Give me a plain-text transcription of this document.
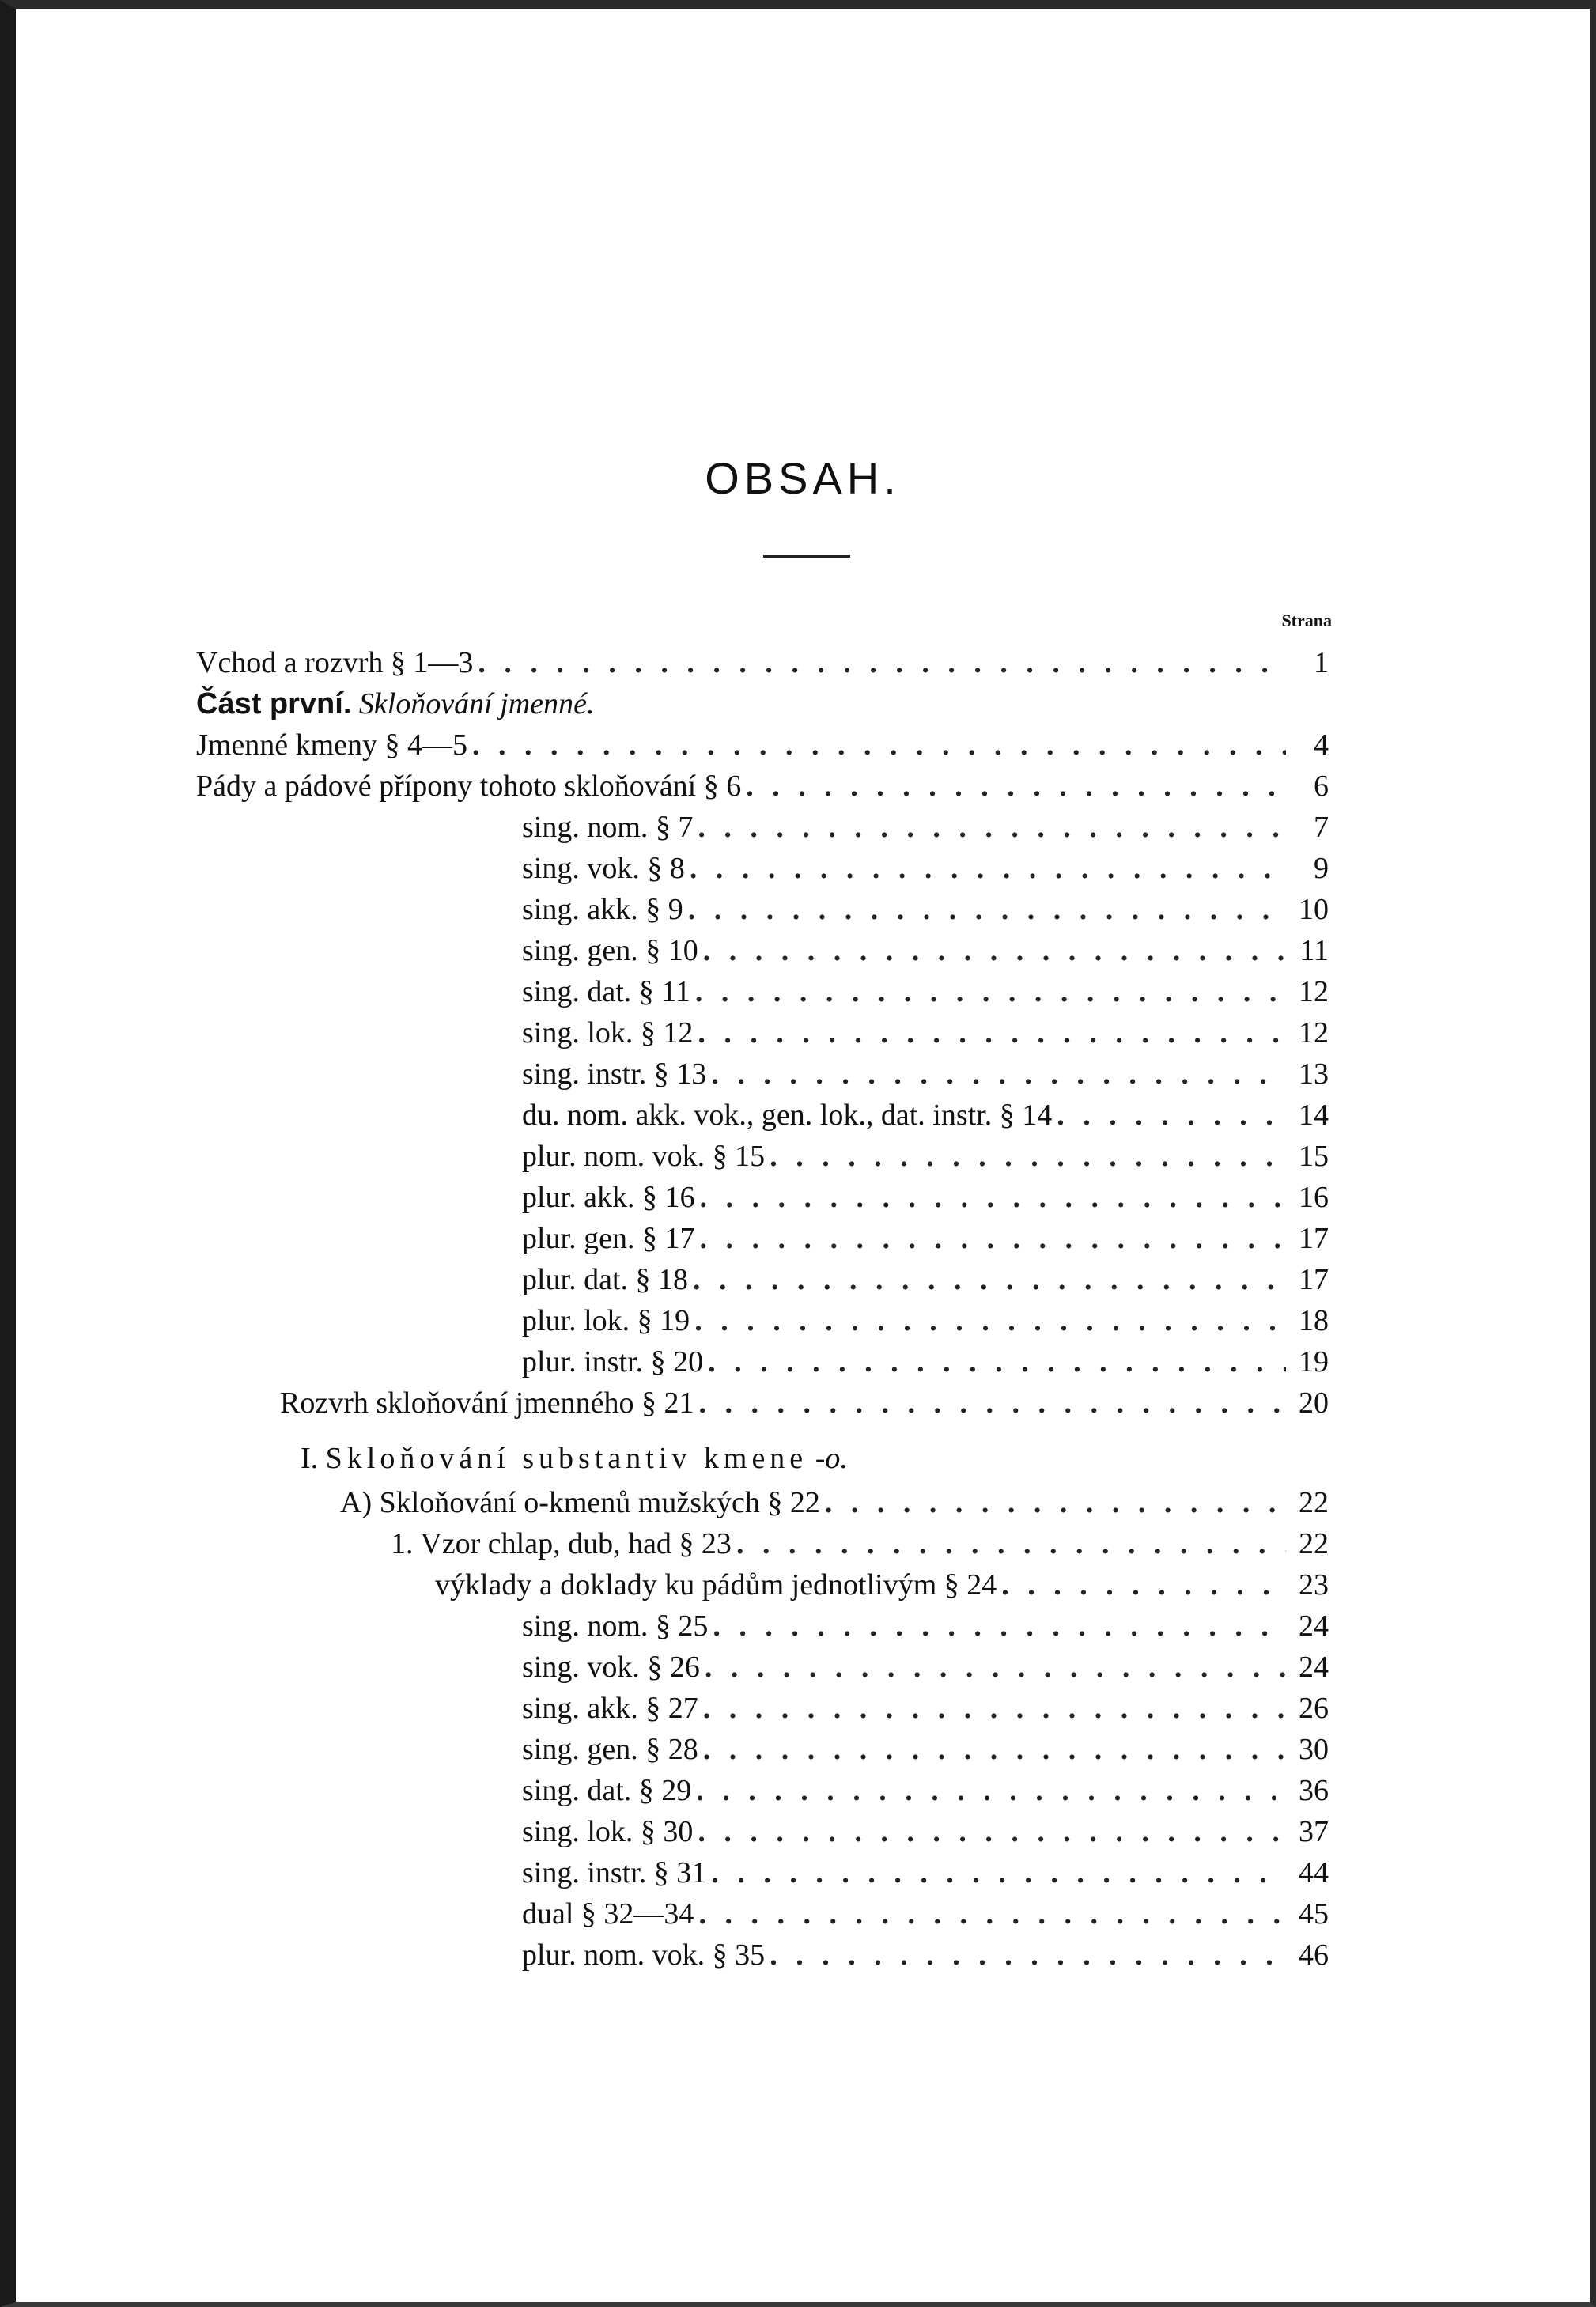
OBSAH.
Strana
Vchod a rozvrh § 1—3 . . .	1
Část první. Skloňování jmenné.
Jmenné kmeny § 4—5 . . .	4
Pády a pádové přípony tohoto skloňování § 6 . . .	6
sing. nom. § 7 . . .	7
sing. vok. § 8 . . .	9
sing. akk. § 9 . . .	10
sing. gen. § 10 . . .	11
sing. dat. § 11 . . .	12
sing. lok. § 12 . . .	12
sing. instr. § 13 . . .	13
du. nom. akk. vok., gen. lok., dat. instr. § 14 . . .	14
plur. nom. vok. § 15 . . .	15
plur. akk. § 16 . . .	16
plur. gen. § 17 . . .	17
plur. dat. § 18 . . .	17
plur. lok. § 19 . . .	18
plur. instr. § 20 . . .	19
Rozvrh skloňování jmenného § 21 . . .	20
I. Skloňování substantiv kmene -o.
A) Skloňování o-kmenů mužských § 22 . . .	22
1. Vzor chlap, dub, had § 23 . . .	22
výklady a doklady ku pádům jednotlivým § 24 . . .	23
sing. nom. § 25 . . .	24
sing. vok. § 26 . . .	24
sing. akk. § 27 . . .	26
sing. gen. § 28 . . .	30
sing. dat. § 29 . . .	36
sing. lok. § 30 . . .	37
sing. instr. § 31 . . .	44
dual § 32—34 . . .	45
plur. nom. vok. § 35 . . .	46
